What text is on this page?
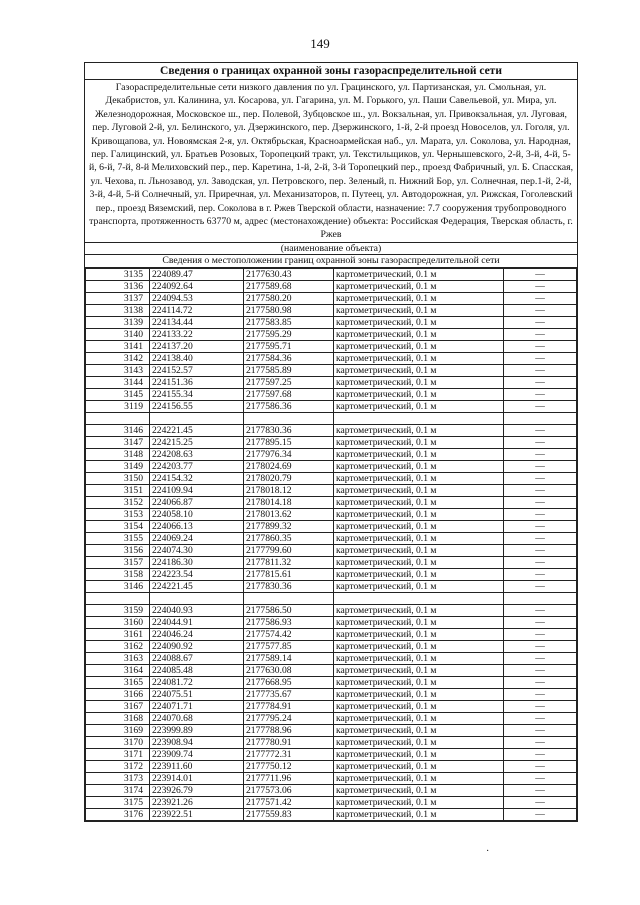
149
Сведения о границах охранной зоны газораспределительной сети
Газораспределительные сети низкого давления по ул. Грацинского, ул. Партизанская, ул. Смольная, ул. Декабристов, ул. Калинина, ул. Косарова, ул. Гагарина, ул. М. Горького, ул. Паши Савельевой, ул. Мира, ул. Железнодорожная, Московское ш., пер. Полевой, Зубцовское ш., ул. Вокзальная, ул. Привокзальная, ул. Луговая, пер. Луговой 2-й, ул. Белинского, ул. Дзержинского, пер. Дзержинского, 1-й, 2-й проезд Новоселов, ул. Гоголя, ул. Кривощапова, ул. Новоямская 2-я, ул. Октябрьская, Красноармейская наб., ул. Марата, ул. Соколова, ул. Народная, пер. Галицинский, ул. Братьев Розовых, Торопецкий тракт, ул. Текстильщиков, ул. Чернышевского, 2-й, 3-й, 4-й, 5-й, 6-й, 7-й, 8-й Мелиховский пер., пер. Каретина, 1-й, 2-й, 3-й Торопецкий пер., проезд Фабричный, ул. Б. Спасская, ул. Чехова, п. Льнозавод, ул. Заводская, ул. Петровского, пер. Зеленый, п. Нижний Бор, ул. Солнечная, пер.1-й, 2-й, 3-й, 4-й, 5-й Солнечный, ул. Приречная, ул. Механизаторов, п. Путеец, ул. Автодорожная, ул. Рижская, Гоголевский пер., проезд Вяземский, пер. Соколова в г. Ржев Тверской области, назначение: 7.7 сооружения трубопроводного транспорта, протяженность 63770 м, адрес (местонахождение) объекта: Российская Федерация, Тверская область, г. Ржев
(наименование объекта)
Сведения о местоположении границ охранной зоны газораспределительной сети
3135	224089.47	2177630.43	картометрический, 0.1 м	—
3136	224092.64	2177589.68	картометрический, 0.1 м	—
3137	224094.53	2177580.20	картометрический, 0.1 м	—
3138	224114.72	2177580.98	картометрический, 0.1 м	—
3139	224134.44	2177583.85	картометрический, 0.1 м	—
3140	224133.22	2177595.29	картометрический, 0.1 м	—
3141	224137.20	2177595.71	картометрический, 0.1 м	—
3142	224138.40	2177584.36	картометрический, 0.1 м	—
3143	224152.57	2177585.89	картометрический, 0.1 м	—
3144	224151.36	2177597.25	картометрический, 0.1 м	—
3145	224155.34	2177597.68	картометрический, 0.1 м	—
3119	224156.55	2177586.36	картометрический, 0.1 м	—

3146	224221.45	2177830.36	картометрический, 0.1 м	—
3147	224215.25	2177895.15	картометрический, 0.1 м	—
3148	224208.63	2177976.34	картометрический, 0.1 м	—
3149	224203.77	2178024.69	картометрический, 0.1 м	—
3150	224154.32	2178020.79	картометрический, 0.1 м	—
3151	224109.94	2178018.12	картометрический, 0.1 м	—
3152	224066.87	2178014.18	картометрический, 0.1 м	—
3153	224058.10	2178013.62	картометрический, 0.1 м	—
3154	224066.13	2177899.32	картометрический, 0.1 м	—
3155	224069.24	2177860.35	картометрический, 0.1 м	—
3156	224074.30	2177799.60	картометрический, 0.1 м	—
3157	224186.30	2177811.32	картометрический, 0.1 м	—
3158	224223.54	2177815.61	картометрический, 0.1 м	—
3146	224221.45	2177830.36	картометрический, 0.1 м	—

3159	224040.93	2177586.50	картометрический, 0.1 м	—
3160	224044.91	2177586.93	картометрический, 0.1 м	—
3161	224046.24	2177574.42	картометрический, 0.1 м	—
3162	224090.92	2177577.85	картометрический, 0.1 м	—
3163	224088.67	2177589.14	картометрический, 0.1 м	—
3164	224085.48	2177630.08	картометрический, 0.1 м	—
3165	224081.72	2177668.95	картометрический, 0.1 м	—
3166	224075.51	2177735.67	картометрический, 0.1 м	—
3167	224071.71	2177784.91	картометрический, 0.1 м	—
3168	224070.68	2177795.24	картометрический, 0.1 м	—
3169	223999.89	2177788.96	картометрический, 0.1 м	—
3170	223908.94	2177780.91	картометрический, 0.1 м	—
3171	223909.74	2177772.31	картометрический, 0.1 м	—
3172	223911.60	2177750.12	картометрический, 0.1 м	—
3173	223914.01	2177711.96	картометрический, 0.1 м	—
3174	223926.79	2177573.06	картометрический, 0.1 м	—
3175	223921.26	2177571.42	картометрический, 0.1 м	—
3176	223922.51	2177559.83	картометрический, 0.1 м	—
·
